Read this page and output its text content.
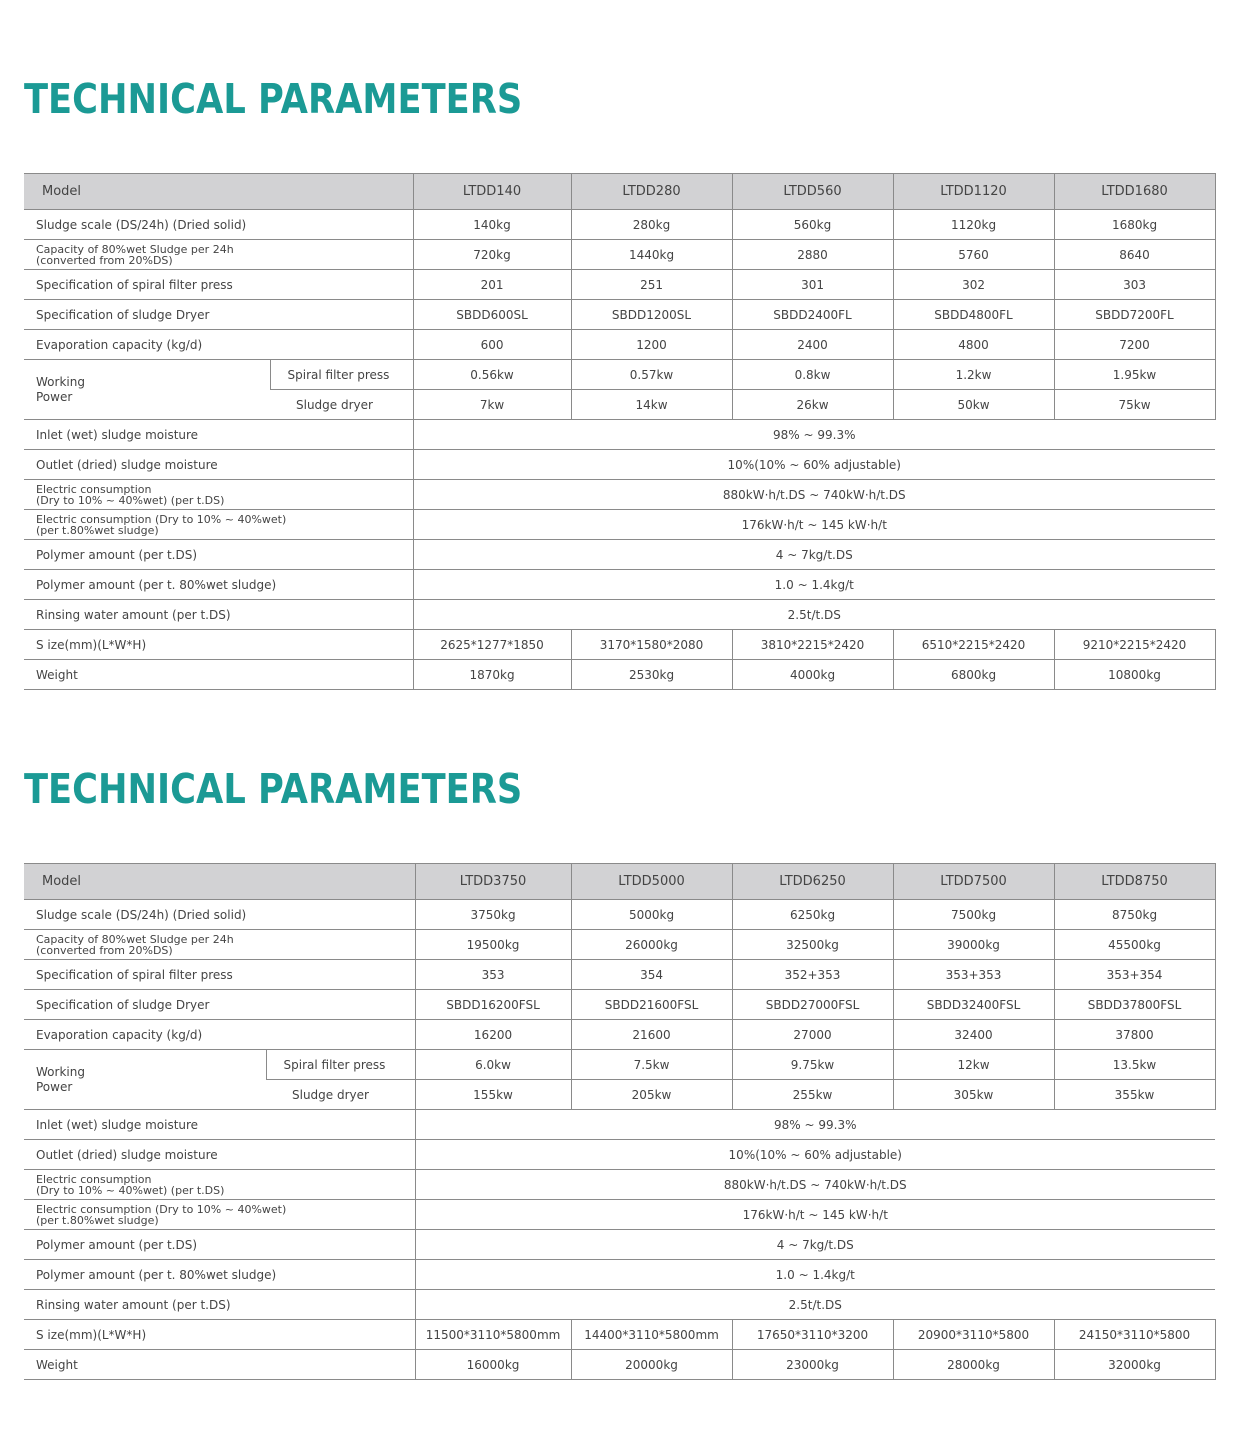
TECHNICAL PARAMETERS
Model		LTDD140	LTDD280	LTDD560	LTDD1120	LTDD1680	
Sludge scale (DS/24h) (Dried solid)		140kg	280kg	560kg	1120kg	1680kg	

Capacity of 80%wet Sludge per 24h
(converted from 20%DS)		720kg	1440kg	2880	5760	8640	
Specification of spiral filter press		201	251	301	302	303	
Specification of sludge Dryer		SBDD600SL	SBDD1200SL	SBDD2400FL	SBDD4800FL	SBDD7200FL	
Evaporation capacity (kg/d)		600	1200	2400	4800	7200	

Working
Power	Spiral filter press	0.56kw	0.57kw	0.8kw	1.2kw	1.95kw	
	Sludge dryer	7kw	14kw	26kw	50kw	75kw	
Inlet (wet) sludge moisture		98% ~ 99.3%					
Outlet (dried) sludge moisture		10%(10% ~ 60% adjustable)					

Electric consumption
(Dry to 10% ~ 40%wet) (per t.DS)		880kW·h/t.DS ~ 740kW·h/t.DS					

Electric consumption (Dry to 10% ~ 40%wet)
(per t.80%wet sludge)		176kW·h/t ~ 145 kW·h/t					
Polymer amount (per t.DS)		4 ~ 7kg/t.DS					
Polymer amount (per t. 80%wet sludge)		1.0 ~ 1.4kg/t					
Rinsing water amount (per t.DS)		2.5t/t.DS					
S ize(mm)(L*W*H)		2625*1277*1850	3170*1580*2080	3810*2215*2420	6510*2215*2420	9210*2215*2420	
Weight		1870kg	2530kg	4000kg	6800kg	10800kg	
TECHNICAL PARAMETERS
Model		LTDD3750	LTDD5000	LTDD6250	LTDD7500	LTDD8750	
Sludge scale (DS/24h) (Dried solid)		3750kg	5000kg	6250kg	7500kg	8750kg	

Capacity of 80%wet Sludge per 24h
(converted from 20%DS)		19500kg	26000kg	32500kg	39000kg	45500kg	
Specification of spiral filter press		353	354	352+353	353+353	353+354	
Specification of sludge Dryer		SBDD16200FSL	SBDD21600FSL	SBDD27000FSL	SBDD32400FSL	SBDD37800FSL	
Evaporation capacity (kg/d)		16200	21600	27000	32400	37800	

Working
Power	Spiral filter press	6.0kw	7.5kw	9.75kw	12kw	13.5kw	
	Sludge dryer	155kw	205kw	255kw	305kw	355kw	
Inlet (wet) sludge moisture		98% ~ 99.3%					
Outlet (dried) sludge moisture		10%(10% ~ 60% adjustable)					

Electric consumption
(Dry to 10% ~ 40%wet) (per t.DS)		880kW·h/t.DS ~ 740kW·h/t.DS					

Electric consumption (Dry to 10% ~ 40%wet)
(per t.80%wet sludge)		176kW·h/t ~ 145 kW·h/t					
Polymer amount (per t.DS)		4 ~ 7kg/t.DS					
Polymer amount (per t. 80%wet sludge)		1.0 ~ 1.4kg/t					
Rinsing water amount (per t.DS)		2.5t/t.DS					
S ize(mm)(L*W*H)		11500*3110*5800mm	14400*3110*5800mm	17650*3110*3200	20900*3110*5800	24150*3110*5800	
Weight		16000kg	20000kg	23000kg	28000kg	32000kg	
